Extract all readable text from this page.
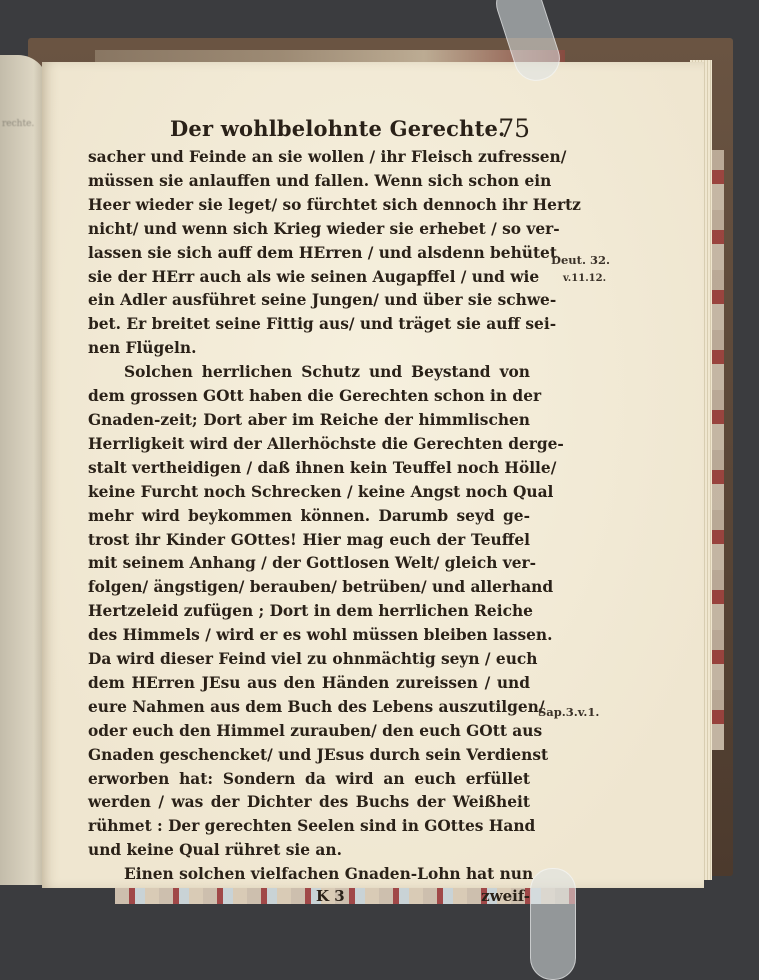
rechte.	Der wohlbelohnte Gerechte.
75
sacher und Feinde an sie wollen / ihr Fleisch zufressen/
müssen sie anlauffen und fallen. Wenn sich schon ein
Heer wieder sie leget/ so fürchtet sich dennoch ihr Hertz
nicht/ und wenn sich Krieg wieder sie erhebet / so ver-
lassen sie sich auff dem HErren / und alsdenn behütet
sie der HErr auch als wie seinen Augapffel / und wie
ein Adler ausführet seine Jungen/ und über sie schwe-
bet. Er breitet seine Fittig aus/ und träget sie auff sei-
nen Flügeln.
Solchen herrlichen Schutz und Beystand von
dem grossen GOtt haben die Gerechten schon in der
Gnaden-zeit; Dort aber im Reiche der himmlischen
Herrligkeit wird der Allerhöchste die Gerechten derge-
stalt vertheidigen / daß ihnen kein Teuffel noch Hölle/
keine Furcht noch Schrecken / keine Angst noch Qual
mehr wird beykommen können. Darumb seyd ge-
trost ihr Kinder GOttes! Hier mag euch der Teuffel
mit seinem Anhang / der Gottlosen Welt/ gleich ver-
folgen/ ängstigen/ berauben/ betrüben/ und allerhand
Hertzeleid zufügen ; Dort in dem herrlichen Reiche
des Himmels / wird er es wohl müssen bleiben lassen.
Da wird dieser Feind viel zu ohnmächtig seyn / euch
dem HErren JEsu aus den Händen zureissen / und
eure Nahmen aus dem Buch des Lebens auszutilgen/
oder euch den Himmel zurauben/ den euch GOtt aus
Gnaden geschencket/ und JEsus durch sein Verdienst
erworben hat: Sondern da wird an euch erfüllet
werden / was der Dichter des Buchs der Weißheit
rühmet : Der gerechten Seelen sind in GOttes Hand
und keine Qual rühret sie an.
Einen solchen vielfachen Gnaden-Lohn hat nun
K 3	zweif-
Deut. 32.
v.11.12.
Sap.3.v.1.
